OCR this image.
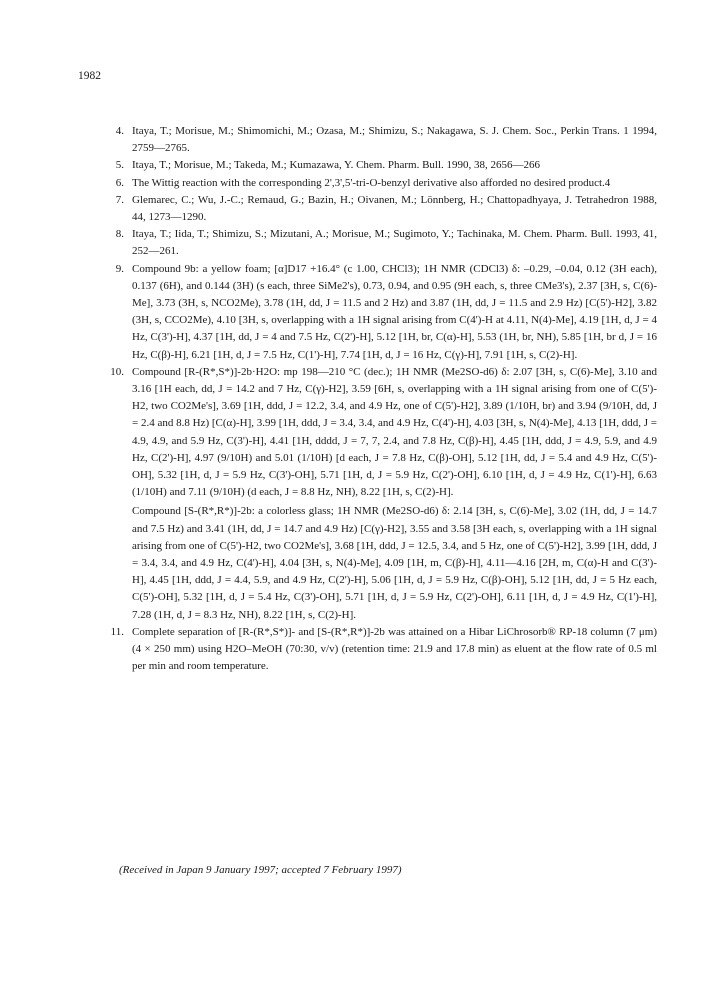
1982
4 . Itaya, T.; Morisue, M.; Shimomichi, M.; Ozasa, M.; Shimizu, S.; Nakagawa, S. J. Chem. Soc., Perkin Trans. 1 1994, 2759—2765.

5 . Itaya, T.; Morisue, M.; Takeda, M.; Kumazawa, Y. Chem. Pharm. Bull. 1990, 38, 2656—266

6 . The Wittig reaction with the corresponding 2',3',5'-tri-O-benzyl derivative also afforded no desired product.4

7 . Glemarec, C.; Wu, J.-C.; Remaud, G.; Bazin, H.; Oivanen, M.; Lönnberg, H.; Chattopadhyaya, J. Tetrahedron 1988, 44, 1273—1290.

8 . Itaya, T.; Iida, T.; Shimizu, S.; Mizutani, A.; Morisue, M.; Sugimoto, Y.; Tachinaka, M. Chem. Pharm. Bull. 1993, 41, 252—261.

9 . Compound 9b: a yellow foam; [α]D17 +16.4° (c 1.00, CHCl3); 1H NMR (CDCl3) δ: –0.29, –0.04, 0.12 (3H each), 0.137 (6H), and 0.144 (3H) (s each, three SiMe2's), 0.73, 0.94, and 0.95 (9H each, s, three CMe3's), 2.37 [3H, s, C(6)-Me], 3.73 (3H, s, NCO2Me), 3.78 (1H, dd, J = 11.5 and 2 Hz) and 3.87 (1H, dd, J = 11.5 and 2.9 Hz) [C(5')-H2], 3.82 (3H, s, CCO2Me), 4.10 [3H, s, overlapping with a 1H signal arising from C(4')-H at 4.11, N(4)-Me], 4.19 [1H, d, J = 4 Hz, C(3')-H], 4.37 [1H, dd, J = 4 and 7.5 Hz, C(2')-H], 5.12 [1H, br, C(α)-H], 5.53 (1H, br, NH), 5.85 [1H, br d, J = 16 Hz, C(β)-H], 6.21 [1H, d, J = 7.5 Hz, C(1')-H], 7.74 [1H, d, J = 16 Hz, C(γ)-H], 7.91 [1H, s, C(2)-H].

10 . Compound [R-(R*,S*)]-2b·H2O: mp 198—210 °C (dec.); 1H NMR (Me2SO-d6) δ: 2.07 [3H, s, C(6)-Me], 3.10 and 3.16 [1H each, dd, J = 14.2 and 7 Hz, C(γ)-H2], 3.59 [6H, s, overlapping with a 1H signal arising from one of C(5')-H2, two CO2Me's], 3.69 [1H, ddd, J = 12.2, 3.4, and 4.9 Hz, one of C(5')-H2], 3.89 (1/10H, br) and 3.94 (9/10H, dd, J = 2.4 and 8.8 Hz) [C(α)-H], 3.99 [1H, ddd, J = 3.4, 3.4, and 4.9 Hz, C(4')-H], 4.03 [3H, s, N(4)-Me], 4.13 [1H, ddd, J = 4.9, 4.9, and 5.9 Hz, C(3')-H], 4.41 [1H, dddd, J = 7, 7, 2.4, and 7.8 Hz, C(β)-H], 4.45 [1H, ddd, J = 4.9, 5.9, and 4.9 Hz, C(2')-H], 4.97 (9/10H) and 5.01 (1/10H) [d each, J = 7.8 Hz, C(β)-OH], 5.12 [1H, dd, J = 5.4 and 4.9 Hz, C(5')-OH], 5.32 [1H, d, J = 5.9 Hz, C(3')-OH], 5.71 [1H, d, J = 5.9 Hz, C(2')-OH], 6.10 [1H, d, J = 4.9 Hz, C(1')-H], 6.63 (1/10H) and 7.11 (9/10H) (d each, J = 8.8 Hz, NH), 8.22 [1H, s, C(2)-H].

Compound [S-(R*,R*)]-2b: a colorless glass; 1H NMR (Me2SO-d6) δ: 2.14 [3H, s, C(6)-Me], 3.02 (1H, dd, J = 14.7 and 7.5 Hz) and 3.41 (1H, dd, J = 14.7 and 4.9 Hz) [C(γ)-H2], 3.55 and 3.58 [3H each, s, overlapping with a 1H signal arising from one of C(5')-H2, two CO2Me's], 3.68 [1H, ddd, J = 12.5, 3.4, and 5 Hz, one of C(5')-H2], 3.99 [1H, ddd, J = 3.4, 3.4, and 4.9 Hz, C(4')-H], 4.04 [3H, s, N(4)-Me], 4.09 [1H, m, C(β)-H], 4.11—4.16 [2H, m, C(α)-H and C(3')-H], 4.45 [1H, ddd, J = 4.4, 5.9, and 4.9 Hz, C(2')-H], 5.06 [1H, d, J = 5.9 Hz, C(β)-OH], 5.12 [1H, dd, J = 5 Hz each, C(5')-OH], 5.32 [1H, d, J = 5.4 Hz, C(3')-OH], 5.71 [1H, d, J = 5.9 Hz, C(2')-OH], 6.11 [1H, d, J = 4.9 Hz, C(1')-H], 7.28 (1H, d, J = 8.3 Hz, NH), 8.22 [1H, s, C(2)-H].

11 . Complete separation of [R-(R*,S*)]- and [S-(R*,R*)]-2b was attained on a Hibar LiChrosorb® RP-18 column (7 μm) (4 × 250 mm) using H2O–MeOH (70:30, v/v) (retention time: 21.9 and 17.8 min) as eluent at the flow rate of 0.5 ml per min and room temperature.

(Received in Japan 9 January 1997; accepted 7 February 1997)
